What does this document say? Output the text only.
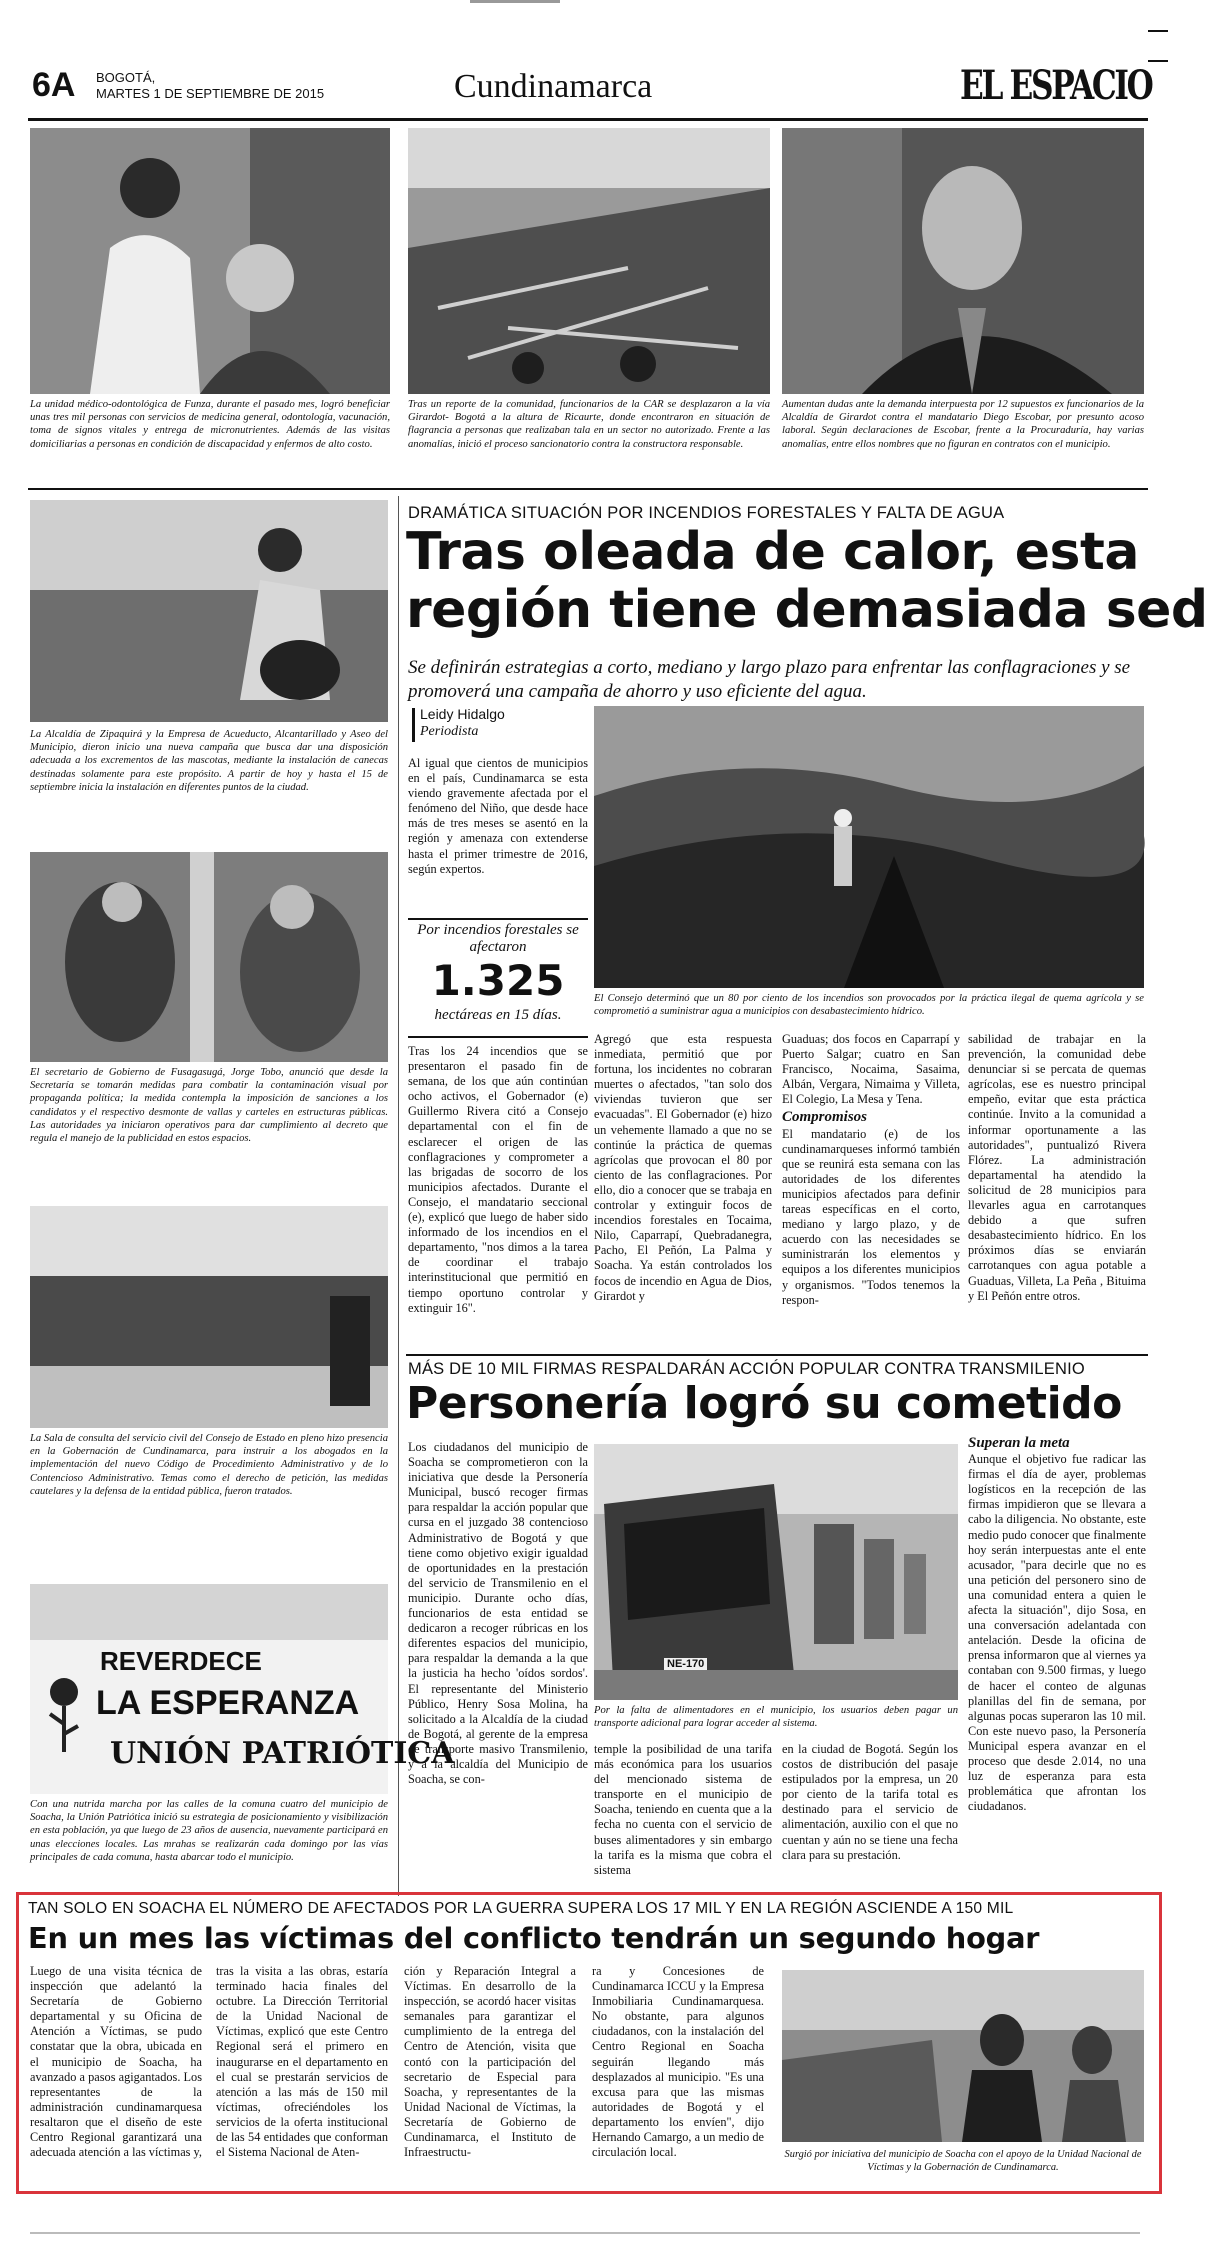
6A BOGOTÁ,
MARTES 1 DE SEPTIEMBRE DE 2015	Cundinamarca	EL ESPACIO
La unidad médico-odontológica de Funza, durante el pasado mes, logró beneficiar unas tres mil personas con servicios de medicina general, odontología, vacunación, toma de signos vitales y entrega de micronutrientes. Además de las visitas domiciliarias a personas en condición de discapacidad y enfermos de alto costo.
Tras un reporte de la comunidad, funcionarios de la CAR se desplazaron a la vía Girardot- Bogotá a la altura de Ricaurte, donde encontraron en situación de flagrancia a personas que realizaban tala en un sector no autorizado. Frente a las anomalías, inició el proceso sancionatorio contra la constructora responsable.
Aumentan dudas ante la demanda interpuesta por 12 supuestos ex funcionarios de la Alcaldía de Girardot contra el mandatario Diego Escobar, por presunto acoso laboral. Según declaraciones de Escobar, frente a la Procuraduría, hay varias anomalías, entre ellos nombres que no figuran en contratos con el municipio.
La Alcaldía de Zipaquirá y la Empresa de Acueducto, Alcantarillado y Aseo del Municipio, dieron inicio una nueva campaña que busca dar una disposición adecuada a los excrementos de las mascotas, mediante la instalación de canecas destinadas solamente para este propósito. A partir de hoy y hasta el 15 de septiembre inicia la instalación en diferentes puntos de la ciudad.
El secretario de Gobierno de Fusagasugá, Jorge Tobo, anunció que desde la Secretaría se tomarán medidas para combatir la contaminación visual por propaganda política; la medida contempla la imposición de sanciones a los candidatos y el respectivo desmonte de vallas y carteles en estructuras públicas. Las autoridades ya iniciaron operativos para dar cumplimiento al decreto que regula el manejo de la publicidad en estos espacios.
La Sala de consulta del servicio civil del Consejo de Estado en pleno hizo presencia en la Gobernación de Cundinamarca, para instruir a los abogados en la implementación del nuevo Código de Procedimiento Administrativo y de lo Contencioso Administrativo. Temas como el derecho de petición, las medidas cautelares y la defensa de la entidad pública, fueron tratados.
REVERDECE
LA ESPERANZA
UNIÓN PATRIÓTICA
Con una nutrida marcha por las calles de la comuna cuatro del municipio de Soacha, la Unión Patriótica inició su estrategia de posicionamiento y visibilización en esta población, ya que luego de 23 años de ausencia, nuevamente participará en unas elecciones locales. Las mrahas se realizarán cada domingo por las vías principales de cada comuna, hasta abarcar todo el municipio.
DRAMÁTICA SITUACIÓN POR INCENDIOS FORESTALES Y FALTA DE AGUA
Tras oleada de calor, esta
región tiene demasiada sed
Se definirán estrategias a corto, mediano y largo plazo para enfrentar las conflagraciones y se promoverá una campaña de ahorro y uso eficiente del agua.
Leidy Hidalgo
Periodista
Al igual que cientos de municipios en el país, Cundinamarca se esta viendo gravemente afectada por el fenómeno del Niño, que desde hace más de tres meses se asentó en la región y amenaza con extenderse hasta el primer trimestre de 2016, según expertos.
Por incendios forestales se afectaron
1.325
hectáreas en 15 días.
Tras los 24 incendios que se presentaron el pasado fin de semana, de los que aún continúan ocho activos, el Gobernador (e) Guillermo Rivera citó a Consejo departamental con el fin de esclarecer el origen de las conflagraciones y comprometer a las brigadas de socorro de los municipios afectados. Durante el Consejo, el mandatario seccional (e), explicó que luego de haber sido informado de los incendios en el departamento, "nos dimos a la tarea de coordinar el trabajo interinstitucional que permitió en tiempo oportuno controlar y extinguir 16".
El Consejo determinó que un 80 por ciento de los incendios son provocados por la práctica ilegal de quema agrícola y se comprometió a suministrar agua a municipios con desabastecimiento hídrico.
Agregó que esta respuesta inmediata, permitió que por fortuna, los incidentes no cobraran muertes o afectados, "tan solo dos viviendas tuvieron que ser evacuadas". El Gobernador (e) hizo un vehemente llamado a que no se continúe la práctica de quemas agrícolas que provocan el 80 por ciento de las conflagraciones. Por ello, dio a conocer que se trabaja en controlar y extinguir focos de incendios forestales en Tocaima, Nilo, Caparrapí, Quebradanegra, Pacho, El Peñón, La Palma y Soacha. Ya están controlados los focos de incendio en Agua de Dios, Girardot y
Guaduas; dos focos en Caparrapí y Puerto Salgar; cuatro en San Francisco, Nocaima, Sasaima, Albán, Vergara, Nimaima y Villeta, El Colegio, La Mesa y Tena.
Compromisos
El mandatario (e) de los cundinamarqueses informó también que se reunirá esta semana con las autoridades de los diferentes municipios afectados para definir tareas específicas en el corto, mediano y largo plazo, y de acuerdo con las necesidades se suministrarán los elementos y equipos a los diferentes municipios y organismos. "Todos tenemos la respon-
sabilidad de trabajar en la prevención, la comunidad debe denunciar si se percata de quemas agrícolas, ese es nuestro principal empeño, evitar que esta práctica continúe. Invito a la comunidad a informar oportunamente a las autoridades", puntualizó Rivera Flórez. La administración departamental ha atendido la solicitud de 28 municipios para llevarles agua en carrotanques debido a que sufren desabastecimiento hídrico. En los próximos días se enviarán carrotanques con agua potable a Guaduas, Villeta, La Peña , Bituima y El Peñón entre otros.
MÁS DE 10 MIL FIRMAS RESPALDARÁN ACCIÓN POPULAR CONTRA TRANSMILENIO
Personería logró su cometido
Los ciudadanos del municipio de Soacha se comprometieron con la iniciativa que desde la Personería Municipal, buscó recoger firmas para respaldar la acción popular que cursa en el juzgado 38 contencioso Administrativo de Bogotá y que tiene como objetivo exigir igualdad de oportunidades en la prestación del servicio de Transmilenio en el municipio. Durante ocho días, funcionarios de esta entidad se dedicaron a recoger rúbricas en los diferentes espacios del municipio, para respaldar la demanda a la que la justicia ha hecho 'oídos sordos'. El representante del Ministerio Público, Henry Sosa Molina, ha solicitado a la Alcaldía de la ciudad de Bogotá, al gerente de la empresa de transporte masivo Transmilenio, y a la alcaldía del Municipio de Soacha, se con-
NE-170
Por la falta de alimentadores en el municipio, los usuarios deben pagar un transporte adicional para lograr acceder al sistema.
temple la posibilidad de una tarifa más económica para los usuarios del mencionado sistema de transporte en el municipio de Soacha, teniendo en cuenta que a la fecha no cuenta con el servicio de buses alimentadores y sin embargo la tarifa es la misma que cobra el sistema
en la ciudad de Bogotá. Según los costos de distribución del pasaje estipulados por la empresa, un 20 por ciento de la tarifa total es destinado para el servicio de alimentación, auxilio con el que no cuentan y aún no se tiene una fecha clara para su prestación.
Superan la meta
Aunque el objetivo fue radicar las firmas el día de ayer, problemas logísticos en la recepción de las firmas impidieron que se llevara a cabo la diligencia. No obstante, este medio pudo conocer que finalmente hoy serán interpuestas ante el ente acusador, "para decirle que no es una petición del personero sino de una comunidad entera a quien le afecta la situación", dijo Sosa, en una conversación adelantada con antelación. Desde la oficina de prensa informaron que al viernes ya contaban con 9.500 firmas, y luego de hacer el conteo de algunas planillas del fin de semana, por algunas pocas superaron las 10 mil. Con este nuevo paso, la Personería Municipal espera avanzar en el proceso que desde 2.014, no una luz de esperanza para esta problemática que afrontan los ciudadanos.
TAN SOLO EN SOACHA EL NÚMERO DE AFECTADOS POR LA GUERRA SUPERA LOS 17 MIL Y EN LA REGIÓN ASCIENDE A 150 MIL
En un mes las víctimas del conflicto tendrán un segundo hogar
Luego de una visita técnica de inspección que adelantó la Secretaría de Gobierno departamental y su Oficina de Atención a Víctimas, se pudo constatar que la obra, ubicada en el municipio de Soacha, ha avanzado a pasos agigantados. Los representantes de la administración cundinamarquesa resaltaron que el diseño de este Centro Regional garantizará una adecuada atención a las víctimas y,
tras la visita a las obras, estaría terminado hacia finales del octubre. La Dirección Territorial de la Unidad Nacional de Víctimas, explicó que este Centro Regional será el primero en inaugurarse en el departamento en el cual se prestarán servicios de atención a las más de 150 mil víctimas, ofreciéndoles los servicios de la oferta institucional de las 54 entidades que conforman el Sistema Nacional de Aten-
ción y Reparación Integral a Víctimas. En desarrollo de la inspección, se acordó hacer visitas semanales para garantizar el cumplimiento de la entrega del Centro de Atención, visita que contó con la participación del secretario de Especial para Soacha, y representantes de la Unidad Nacional de Víctimas, la Secretaría de Gobierno de Cundinamarca, el Instituto de Infraestructu-
ra y Concesiones de Cundinamarca ICCU y la Empresa Inmobiliaria Cundinamarquesa. No obstante, para algunos ciudadanos, con la instalación del Centro Regional en Soacha seguirán llegando más desplazados al municipio. "Es una excusa para que las mismas autoridades de Bogotá y el departamento los envíen", dijo Hernando Camargo, a un medio de circulación local.	Surgió por iniciativa del municipio de Soacha con el apoyo de la Unidad Nacional de Víctimas y la Gobernación de Cundinamarca.
